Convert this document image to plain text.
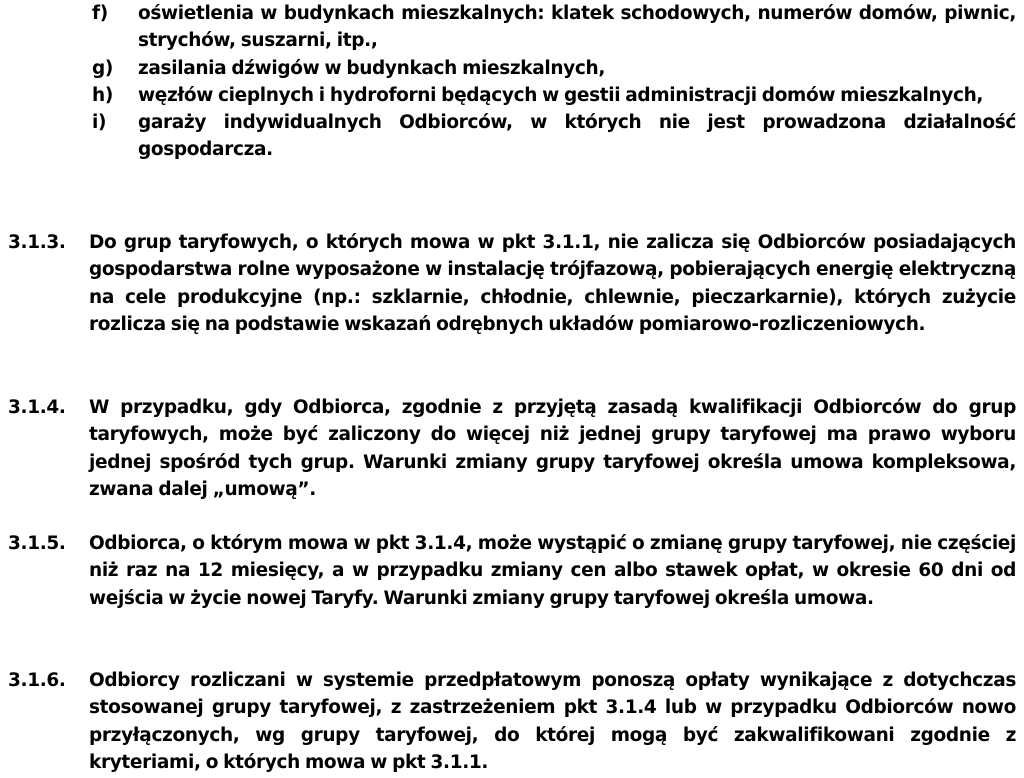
f) oświetlenia w budynkach mieszkalnych: klatek schodowych, numerów domów, piwnic, strychów, suszarni, itp.,
g) zasilania dźwigów w budynkach mieszkalnych,
h) węzłów cieplnych i hydroforni będących w gestii administracji domów mieszkalnych,
i) garaży indywidualnych Odbiorców, w których nie jest prowadzona działalność gospodarcza.
3.1.3.	Do grup taryfowych, o których mowa w pkt 3.1.1, nie zalicza się Odbiorców posiadających gospodarstwa rolne wyposażone w instalację trójfazową, pobierających energię elektryczną na cele produkcyjne (np.: szklarnie, chłodnie, chlewnie, pieczarkarnie), których zużycie rozlicza się na podstawie wskazań odrębnych układów pomiarowo-rozliczeniowych.
3.1.4.	W przypadku, gdy Odbiorca, zgodnie z przyjętą zasadą kwalifikacji Odbiorców do grup taryfowych, może być zaliczony do więcej niż jednej grupy taryfowej ma prawo wyboru jednej spośród tych grup. Warunki zmiany grupy taryfowej określa umowa kompleksowa, zwana dalej „umową”.
3.1.5.	Odbiorca, o którym mowa w pkt 3.1.4, może wystąpić o zmianę grupy taryfowej, nie częściej niż raz na 12 miesięcy, a w przypadku zmiany cen albo stawek opłat, w okresie 60 dni od wejścia w życie nowej Taryfy. Warunki zmiany grupy taryfowej określa umowa.
3.1.6.	Odbiorcy rozliczani w systemie przedpłatowym ponoszą opłaty wynikające z dotychczas stosowanej grupy taryfowej, z zastrzeżeniem pkt 3.1.4 lub w przypadku Odbiorców nowo przyłączonych, wg grupy taryfowej, do której mogą być zakwalifikowani zgodnie z kryteriami, o których mowa w pkt 3.1.1.
